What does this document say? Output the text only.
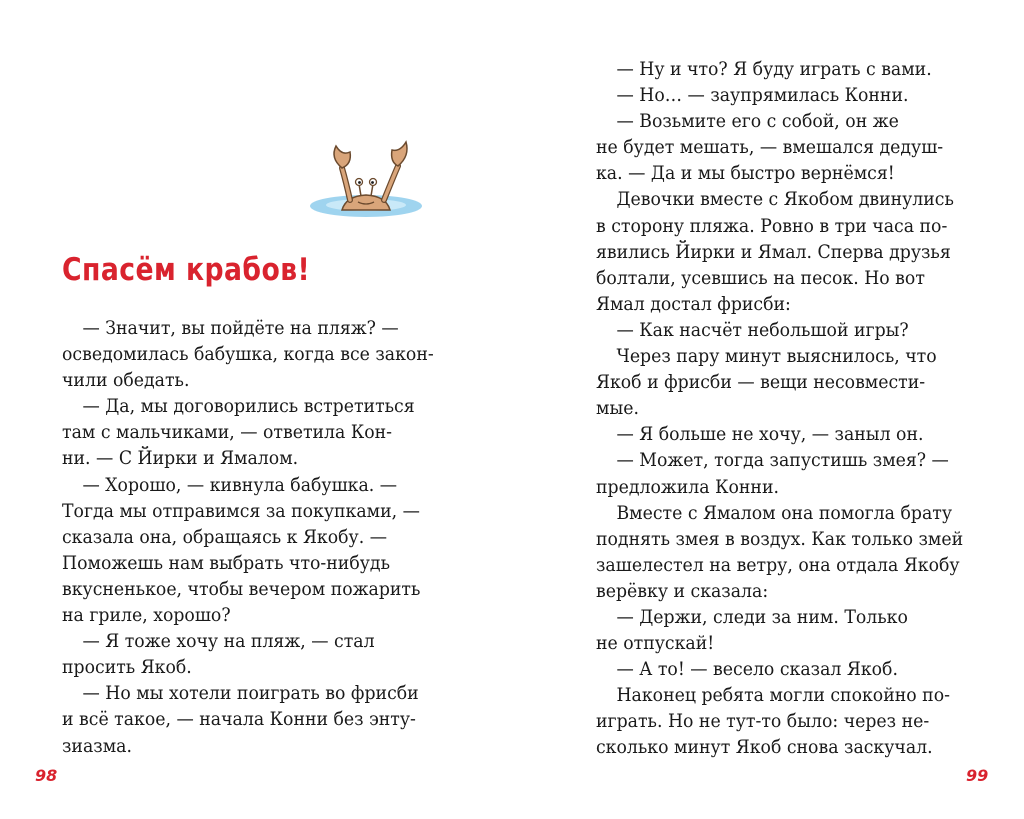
Спасём крабов!
— Значит, вы пойдёте на пляж? —
осведомилась бабушка, когда все закон-
чили обедать.
— Да, мы договорились встретиться
там с мальчиками, — ответила Кон-
ни. — С Йирки и Ямалом.
— Хорошо, — кивнула бабушка. —
Тогда мы отправимся за покупками, —
сказала она, обращаясь к Якобу. —
Поможешь нам выбрать что-нибудь
вкусненькое, чтобы вечером пожарить
на гриле, хорошо?
— Я тоже хочу на пляж, — стал
просить Якоб.
— Но мы хотели поиграть во фрисби
и всё такое, — начала Конни без энту-
зиазма.
98
— Ну и что? Я буду играть с вами.
— Но… — заупрямилась Конни.
— Возьмите его с собой, он же
не будет мешать, — вмешался дедуш-
ка. — Да и мы быстро вернёмся!
Девочки вместе с Якобом двинулись
в сторону пляжа. Ровно в три часа по-
явились Йирки и Ямал. Сперва друзья
болтали, усевшись на песок. Но вот
Ямал достал фрисби:
— Как насчёт небольшой игры?
Через пару минут выяснилось, что
Якоб и фрисби — вещи несовмести-
мые.
— Я больше не хочу, — заныл он.
— Может, тогда запустишь змея? —
предложила Конни.
Вместе с Ямалом она помогла брату
поднять змея в воздух. Как только змей
зашелестел на ветру, она отдала Якобу
верёвку и сказала:
— Держи, следи за ним. Только
не отпускай!
— А то! — весело сказал Якоб.
Наконец ребята могли спокойно по-
играть. Но не тут-то было: через не-
сколько минут Якоб снова заскучал.
99
